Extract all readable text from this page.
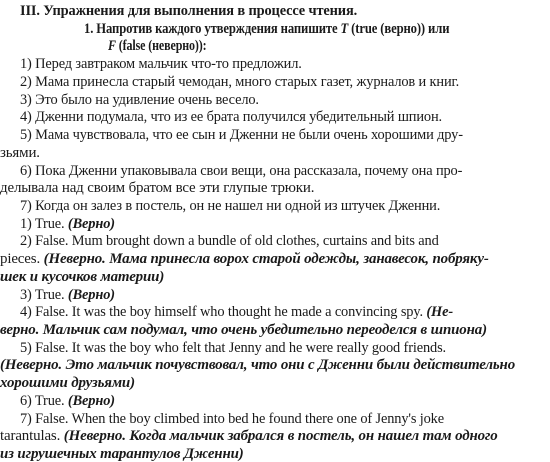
III. Упражнения для выполнения в процессе чтения.
1. Напротив каждого утверждения напишите T (true (верно)) или
F (false (неверно)):
1) Перед завтраком мальчик что-то предложил.
2) Мама принесла старый чемодан, много старых газет, журналов и книг.
3) Это было на удивление очень весело.
4) Дженни подумала, что из ее брата получился убедительный шпион.
5) Мама чувствовала, что ее сын и Дженни не были очень хорошими дру-
зьями.
6) Пока Дженни упаковывала свои вещи, она рассказала, почему она про-
делывала над своим братом все эти глупые трюки.
7) Когда он залез в постель, он не нашел ни одной из штучек Дженни.
1) True. (Верно)
2) False. Mum brought down a bundle of old clothes, curtains and bits and
pieces. (Неверно. Мама принесла ворох старой одежды, занавесок, побряку-
шек и кусочков материи)
3) True. (Верно)
4) False. It was the boy himself who thought he made a convincing spy. (Не-
верно. Мальчик сам подумал, что очень убедительно переоделся в шпиона)
5) False. It was the boy who felt that Jenny and he were really good friends.
(Неверно. Это мальчик почувствовал, что они с Дженни были действительно
хорошими друзьями)
6) True. (Верно)
7) False. When the boy climbed into bed he found there one of Jenny's joke
tarantulas. (Неверно. Когда мальчик забрался в постель, он нашел там одного
из игрушечных тарантулов Дженни)
